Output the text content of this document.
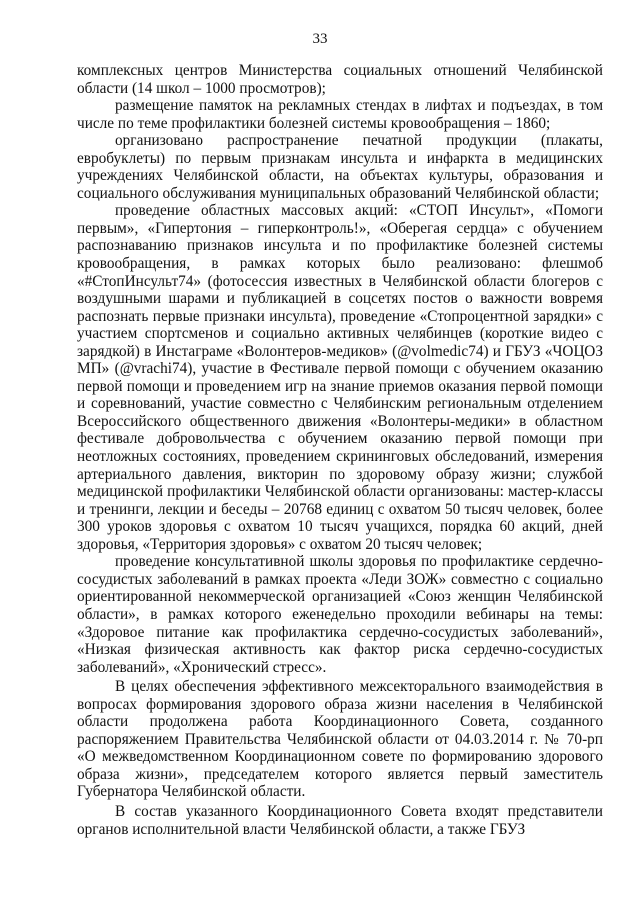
33

комплексных центров Министерства социальных отношений Челябинской области (14 школ – 1000 просмотров);

размещение памяток на рекламных стендах в лифтах и подъездах, в том числе по теме профилактики болезней системы кровообращения – 1860;

организовано распространение печатной продукции (плакаты, евробуклеты) по первым признакам инсульта и инфаркта в медицинских учреждениях Челябинской области, на объектах культуры, образования и социального обслуживания муниципальных образований Челябинской области;

проведение областных массовых акций: «СТОП Инсульт», «Помоги первым», «Гипертония – гиперконтроль!», «Оберегая сердца» с обучением распознаванию признаков инсульта и по профилактике болезней системы кровообращения, в рамках которых было реализовано: флешмоб «#СтопИнсульт74» (фотосессия известных в Челябинской области блогеров с воздушными шарами и публикацией в соцсетях постов о важности вовремя распознать первые признаки инсульта), проведение «Стопроцентной зарядки» с участием спортсменов и социально активных челябинцев (короткие видео с зарядкой) в Инстаграме «Волонтеров-медиков» (@volmedic74) и ГБУЗ «ЧОЦОЗ МП» (@vrachi74), участие в Фестивале первой помощи с обучением оказанию первой помощи и проведением игр на знание приемов оказания первой помощи и соревнований, участие совместно с Челябинским региональным отделением Всероссийского общественного движения «Волонтеры-медики» в областном фестивале добровольчества с обучением оказанию первой помощи при неотложных состояниях, проведением скрининговых обследований, измерения артериального давления, викторин по здоровому образу жизни; службой медицинской профилактики Челябинской области организованы: мастер-классы и тренинги, лекции и беседы – 20768 единиц с охватом 50 тысяч человек, более 300 уроков здоровья с охватом 10 тысяч учащихся, порядка 60 акций, дней здоровья, «Территория здоровья» с охватом 20 тысяч человек;

проведение консультативной школы здоровья по профилактике сердечно-сосудистых заболеваний в рамках проекта «Леди ЗОЖ» совместно с социально ориентированной некоммерческой организацией «Союз женщин Челябинской области», в рамках которого еженедельно проходили вебинары на темы: «Здоровое питание как профилактика сердечно-сосудистых заболеваний», «Низкая физическая активность как фактор риска сердечно-сосудистых заболеваний», «Хронический стресс».

В целях обеспечения эффективного межсекторального взаимодействия в вопросах формирования здорового образа жизни населения в Челябинской области продолжена работа Координационного Совета, созданного распоряжением Правительства Челябинской области от 04.03.2014 г. № 70-рп «О межведомственном Координационном совете по формированию здорового образа жизни», председателем которого является первый заместитель Губернатора Челябинской области.

В состав указанного Координационного Совета входят представители органов исполнительной власти Челябинской области, а также ГБУЗ
